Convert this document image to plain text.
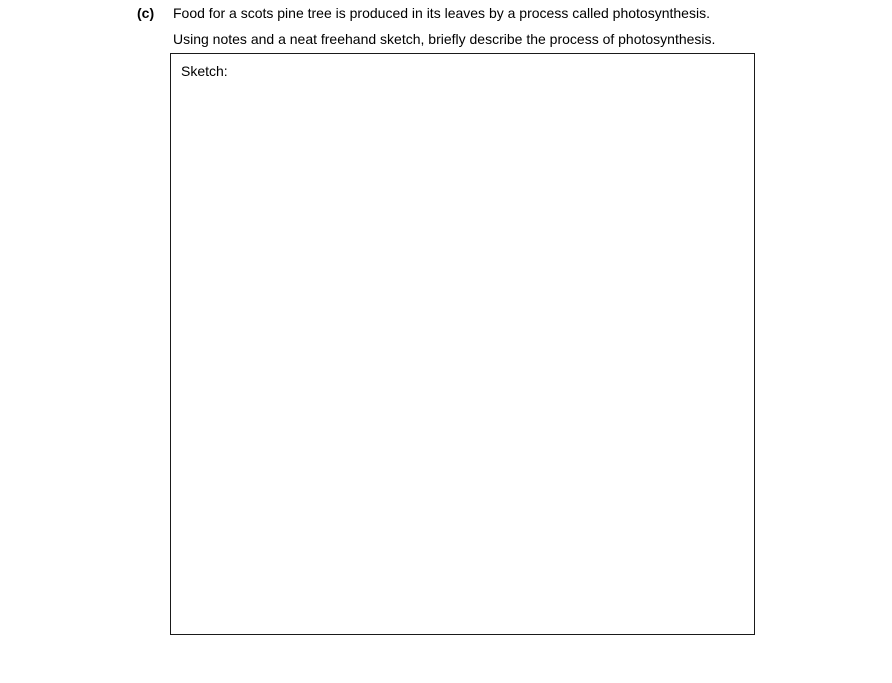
(c) Food for a scots pine tree is produced in its leaves by a process called photosynthesis.
Using notes and a neat freehand sketch, briefly describe the process of photosynthesis.
Sketch:
